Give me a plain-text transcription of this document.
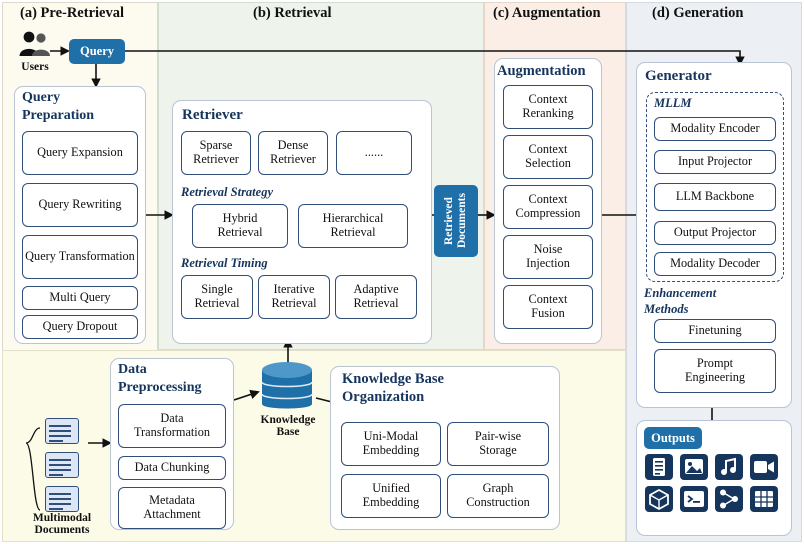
(a) Pre-Retrieval	(b) Retrieval	(c) Augmentation	(d) Generation
Users
Query
Query
Preparation
Query Expansion
Query Rewriting
Query Transformation
Multi Query
Query Dropout
Retriever
Sparse
Retriever
Dense
Retriever	......
Retrieval Strategy
Hybrid
Retrieval
Hierarchical
Retrieval
Retrieval Timing
Single
Retrieval
Iterative
Retrieval
Adaptive
Retrieval
Retrieved
Documents
Augmentation
Context
Reranking
Context
Selection
Context
Compression
Noise
Injection
Context
Fusion
Generator
MLLM
Modality Encoder
Input Projector
LLM Backbone
Output Projector
Modality Decoder
Enhancement
Methods
Finetuning
Prompt
Engineering
Outputs
Multimodal
Documents
Data
Preprocessing
Data
Transformation
Data Chunking
Metadata
Attachment
Knowledge
Base
Knowledge Base
Organization
Uni-Modal
Embedding
Pair-wise
Storage
Unified
Embedding
Graph
Construction
